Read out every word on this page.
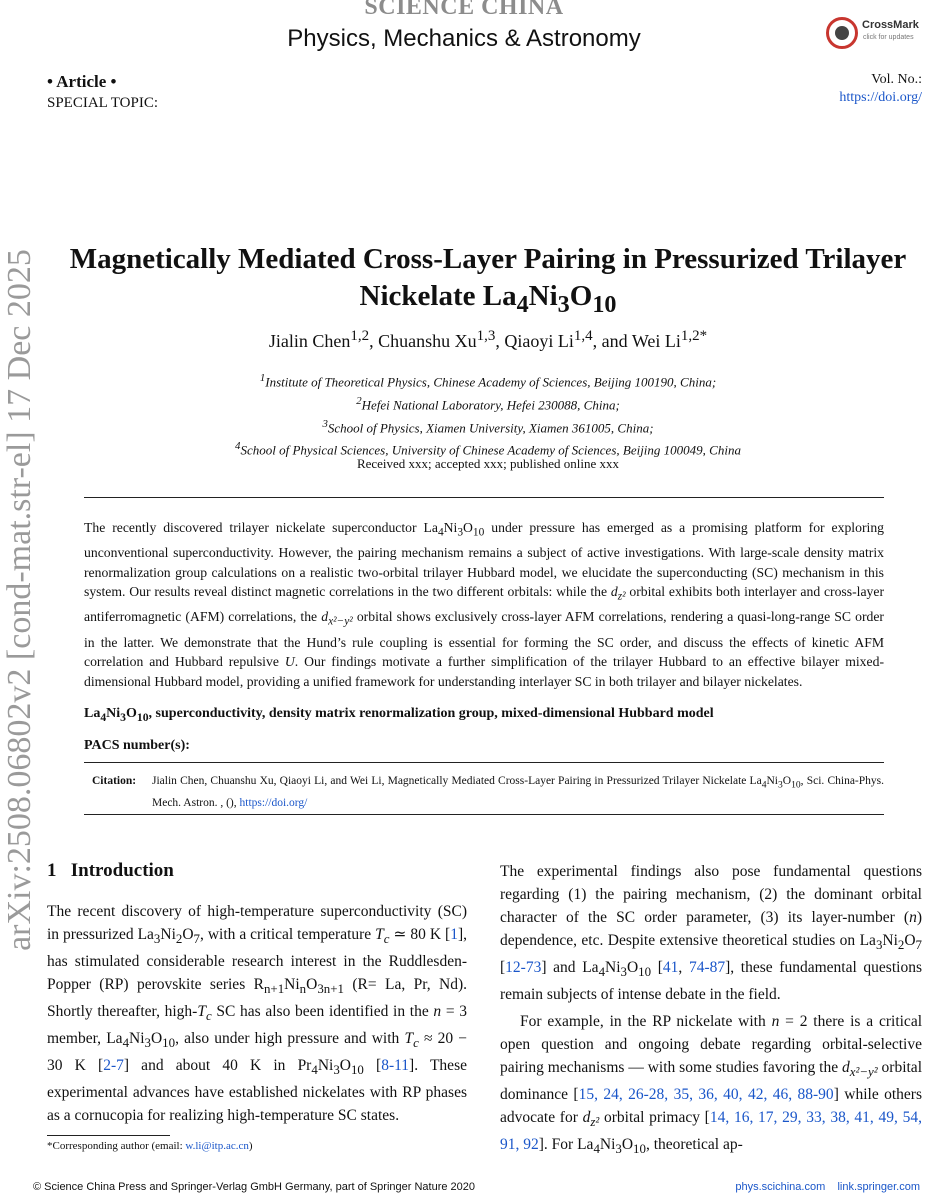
SCIENCE CHINA
Physics, Mechanics & Astronomy	CrossMark
click for updates
• Article •
SPECIAL TOPIC:
Vol. No.:
https://doi.org/
arXiv:2508.06802v2 [cond-mat.str-el] 17 Dec 2025	Magnetically Mediated Cross-Layer Pairing in Pressurized Trilayer
Nickelate $La_4Ni_3O_{10}$
Jialin Chen$^{1,2}$, Chuanshu Xu$^{1,3}$, Qiaoyi Li$^{1,4}$, and Wei $Li^{1,2*}$
$^1$Institute of Theoretical Physics, Chinese Academy of Sciences, Beijing 100190, China;
$^2$Hefei National Laboratory, Hefei 230088, China;
$^3$School of Physics, Xiamen University, Xiamen 361005, China;
$^4$School of Physical Sciences, University of Chinese Academy of Sciences, Beijing 100049, China
Received xxx; accepted xxx; published online xxx
The recently discovered trilayer nickelate superconductor $La_4Ni_3O_{10}$ under pressure has emerged as a promising platform for exploring unconventional superconductivity. However, the pairing mechanism remains a subject of active investigations. With large-scale density matrix renormalization group calculations on a realistic two-orbital trilayer Hubbard model, we elucidate the superconducting (SC) mechanism in this system. Our results reveal distinct magnetic correlations in the two different orbitals: while the $d_{z^2}$ orbital exhibits both interlayer and cross-layer antiferromagnetic (AFM) correlations, the $d_{x^2-y^2}$ orbital shows exclusively cross-layer AFM correlations, rendering a quasi-long-range SC order in the latter. We demonstrate that the Hund’s rule coupling is essential for forming the SC order, and discuss the effects of kinetic AFM correlation and Hubbard repulsive U. Our findings motivate a further simplification of the trilayer Hubbard to an effective bilayer mixed-dimensional Hubbard model, providing a unified framework for understanding interlayer SC in both trilayer and bilayer nickelates.
$La_4Ni_3O_{10}$, superconductivity, density matrix renormalization group, mixed-dimensional Hubbard model
PACS number(s):
Citation: Jialin Chen, Chuanshu Xu, Qiaoyi Li, and Wei Li, Magnetically Mediated Cross-Layer Pairing in Pressurized Trilayer Nickelate $La_4Ni_3O_{10}$, Sci. China-Phys. Mech. Astron. , (), https://doi.org/
1 Introduction
The recent discovery of high-temperature superconductivity (SC) in pressurized $La_3Ni_2O_7$, with a critical temperature $T_c$ ≃ 80 K [1], has stimulated considerable research interest in the Ruddlesden-Popper (RP) perovskite series $R_{n+1}Ni_nO_{3n+1}$ (R= La, Pr, Nd). Shortly thereafter, high-$T_c$ SC has also been identified in the n = 3 member, $La_4Ni_3O_{10}$, also under high pressure and with $T_c \approx 20 - 30$ K [2-7] and about 40 K in $Pr_4Ni_3O_{10}$ [8-11]. These experimental advances have established nickelates with RP phases as a cornucopia for realizing high-temperature SC states.

The experimental findings also pose fundamental questions regarding (1) the pairing mechanism, (2) the dominant orbital character of the SC order parameter, (3) its layer-number (n) dependence, etc. Despite extensive theoretical studies on $La_3Ni_2O_7$ [12-73] and $La_4Ni_3O_{10}$ [41, 74-87], these fundamental questions remain subjects of intense debate in the field.

For example, in the RP nickelate with n = 2 there is a critical open question and ongoing debate regarding orbital-selective pairing mechanisms — with some studies favoring the $d_{x^2-y^2}$ orbital dominance [15, 24, 26-28, 35, 36, 40, 42, 46, 88-90] while others advocate for $d_{z^2}$ orbital primacy [14, 16, 17, 29, 33, 38, 41, 49, 54, 91, 92]. For $La_4Ni_3O_{10}$, theoretical ap-

*Corresponding author (email: w.li@itp.ac.cn)
© Science China Press and Springer-Verlag GmbH Germany, part of Springer Nature 2020	phys.scichina.com    link.springer.com
